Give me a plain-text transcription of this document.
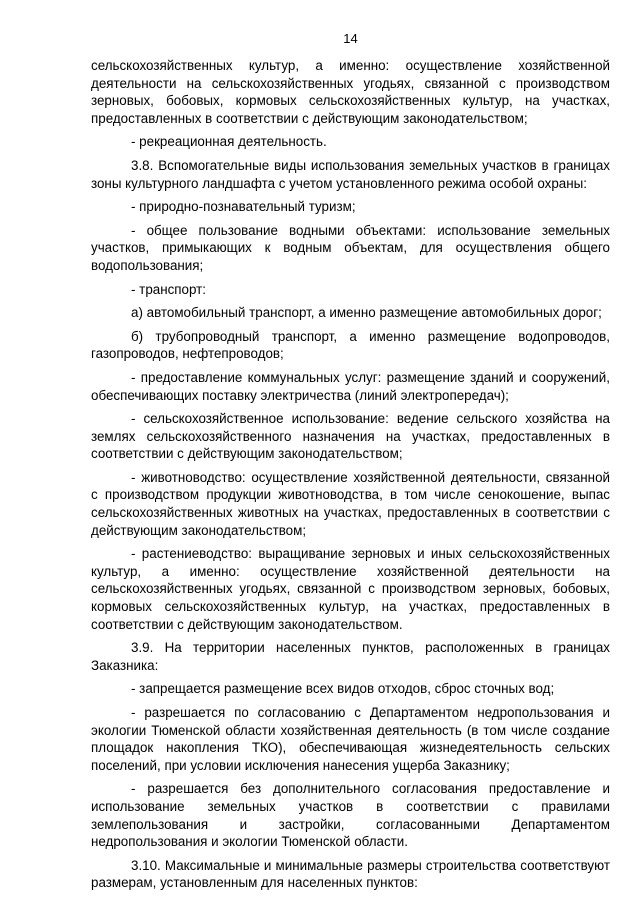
14

сельскохозяйственных культур, а именно: осуществление хозяйственной деятельности на сельскохозяйственных угодьях, связанной с производством зерновых, бобовых, кормовых сельскохозяйственных культур, на участках, предоставленных в соответствии с действующим законодательством;

- рекреационная деятельность.

3.8. Вспомогательные виды использования земельных участков в границах зоны культурного ландшафта с учетом установленного режима особой охраны:

- природно-познавательный туризм;

- общее пользование водными объектами: использование земельных участков, примыкающих к водным объектам, для осуществления общего водопользования;

- транспорт:

а) автомобильный транспорт, а именно размещение автомобильных дорог;

б) трубопроводный транспорт, а именно размещение водопроводов, газопроводов, нефтепроводов;

- предоставление коммунальных услуг: размещение зданий и сооружений, обеспечивающих поставку электричества (линий электропередач);

- сельскохозяйственное использование: ведение сельского хозяйства на землях сельскохозяйственного назначения на участках, предоставленных в соответствии с действующим законодательством;

- животноводство: осуществление хозяйственной деятельности, связанной с производством продукции животноводства, в том числе сенокошение, выпас сельскохозяйственных животных на участках, предоставленных в соответствии с действующим законодательством;

- растениеводство: выращивание зерновых и иных сельскохозяйственных культур, а именно: осуществление хозяйственной деятельности на сельскохозяйственных угодьях, связанной с производством зерновых, бобовых, кормовых сельскохозяйственных культур, на участках, предоставленных в соответствии с действующим законодательством.

3.9. На территории населенных пунктов, расположенных в границах Заказника:

- запрещается размещение всех видов отходов, сброс сточных вод;

- разрешается по согласованию с Департаментом недропользования и экологии Тюменской области хозяйственная деятельность (в том числе создание площадок накопления ТКО), обеспечивающая жизнедеятельность сельских поселений, при условии исключения нанесения ущерба Заказнику;

- разрешается без дополнительного согласования предоставление и использование земельных участков в соответствии с правилами землепользования и застройки, согласованными Департаментом недропользования и экологии Тюменской области.

3.10. Максимальные и минимальные размеры строительства соответствуют размерам, установленным для населенных пунктов:
